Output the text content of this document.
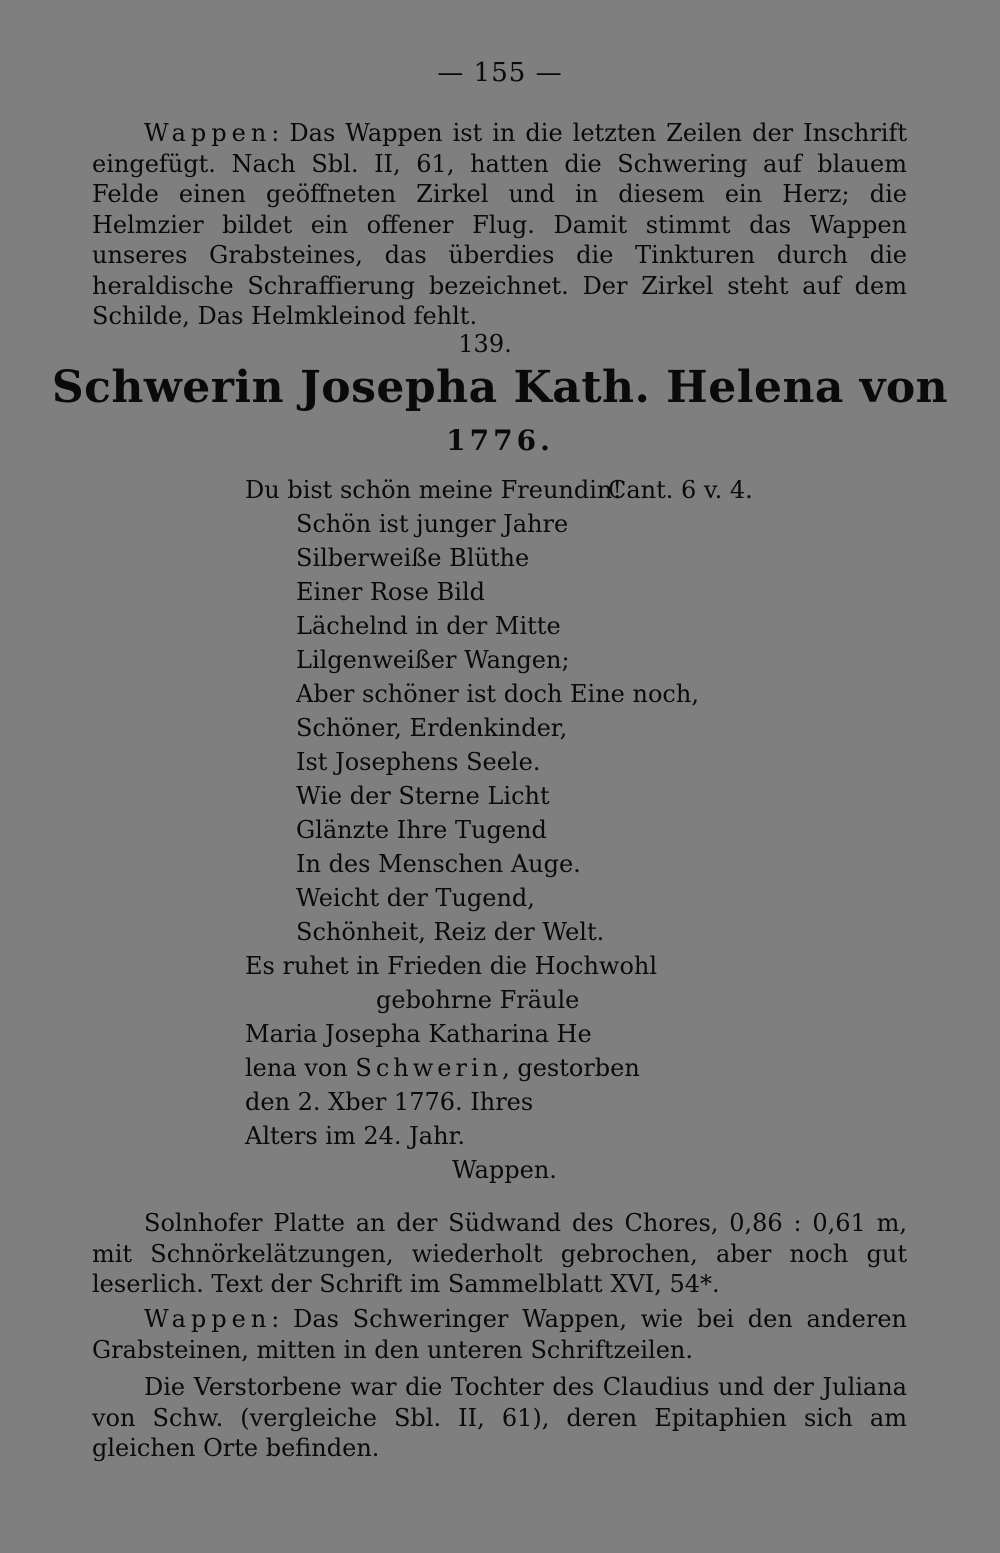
— 155 —
Wappen: Das Wappen ist in die letzten Zeilen der Inschrift eingefügt. Nach Sbl. II, 61, hatten die Schwering auf blauem Felde einen geöffneten Zirkel und in diesem ein Herz; die Helmzier bildet ein offener Flug. Damit stimmt das Wappen unseres Grabsteines, das überdies die Tinkturen durch die heraldische Schraffierung bezeichnet. Der Zirkel steht auf dem Schilde, Das Helmkleinod fehlt.
139.
Schwerin Josepha Kath. Helena von
1776.
Du bist schön meine Freundin!
Cant. 6 v. 4.
Schön ist junger Jahre
Silberweiße Blüthe
Einer Rose Bild
Lächelnd in der Mitte
Lilgenweißer Wangen;
Aber schöner ist doch Eine noch,
Schöner, Erdenkinder,
Ist Josephens Seele.
Wie der Sterne Licht
Glänzte Ihre Tugend
In des Menschen Auge.
Weicht der Tugend,
Schönheit, Reiz der Welt.
Es ruhet in Frieden die Hochwohl
gebohrne Fräule
Maria Josepha Katharina He
lena von Schwerin, gestorben
den 2. Xber 1776. Ihres
Alters im 24. Jahr.
Wappen.
Solnhofer Platte an der Südwand des Chores, 0,86 : 0,61 m, mit Schnörkelätzungen, wiederholt gebrochen, aber noch gut leserlich. Text der Schrift im Sammelblatt XVI, 54*.
Wappen: Das Schweringer Wappen, wie bei den anderen Grabsteinen, mitten in den unteren Schriftzeilen.
Die Verstorbene war die Tochter des Claudius und der Juliana von Schw. (vergleiche Sbl. II, 61), deren Epitaphien sich am gleichen Orte befinden.
